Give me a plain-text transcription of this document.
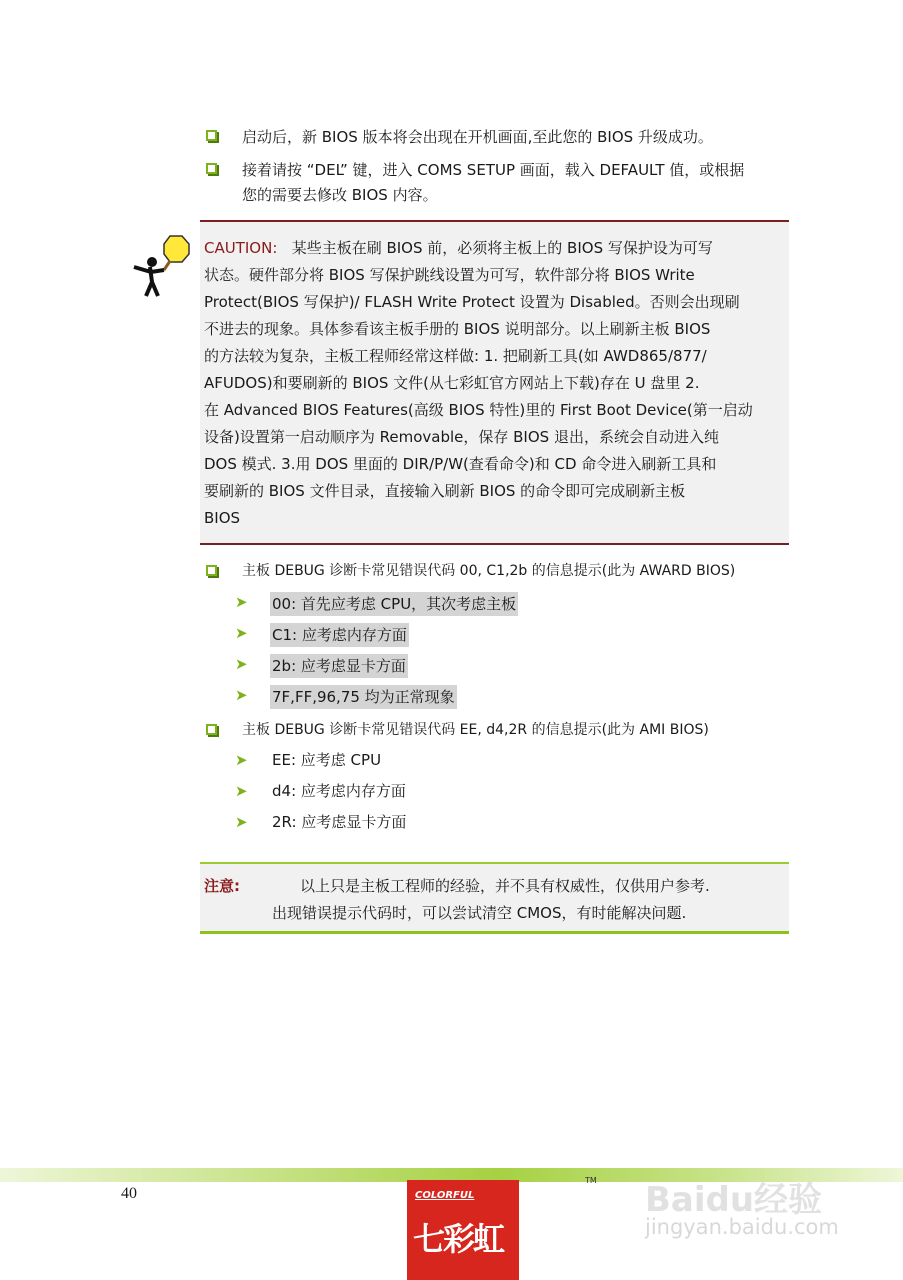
启动后，新 BIOS 版本将会出现在开机画面,至此您的 BIOS 升级成功。
接着请按 “DEL” 键，进入 COMS SETUP 画面，载入 DEFAULT 值，或根据
您的需要去修改 BIOS 内容。
CAUTION: 某些主板在刷 BIOS 前，必须将主板上的 BIOS 写保护设为可写
状态。硬件部分将 BIOS 写保护跳线设置为可写，软件部分将 BIOS Write
Protect(BIOS 写保护)/ FLASH Write Protect 设置为 Disabled。否则会出现刷
不进去的现象。具体参看该主板手册的 BIOS 说明部分。以上刷新主板 BIOS
的方法较为复杂，主板工程师经常这样做: 1. 把刷新工具(如 AWD865/877/
AFUDOS)和要刷新的 BIOS 文件(从七彩虹官方网站上下载)存在 U 盘里 2.
在 Advanced BIOS Features(高级 BIOS 特性)里的 First Boot Device(第一启动
设备)设置第一启动顺序为 Removable，保存 BIOS 退出，系统会自动进入纯
DOS 模式. 3.用 DOS 里面的 DIR/P/W(查看命令)和 CD 命令进入刷新工具和
要刷新的 BIOS 文件目录，直接输入刷新 BIOS 的命令即可完成刷新主板
BIOS
主板 DEBUG 诊断卡常见错误代码 00, C1,2b 的信息提示(此为 AWARD BIOS)
➤ 00: 首先应考虑 CPU，其次考虑主板
➤ C1: 应考虑内存方面
➤ 2b: 应考虑显卡方面
➤ 7F,FF,96,75 均为正常现象
主板 DEBUG 诊断卡常见错误代码 EE, d4,2R 的信息提示(此为 AMI BIOS)
➤ EE: 应考虑 CPU
➤ d4: 应考虑内存方面
➤ 2R: 应考虑显卡方面
注意:	以上只是主板工程师的经验，并不具有权威性，仅供用户参考.
出现错误提示代码时，可以尝试清空 CMOS，有时能解决问题.
40	COLORFUL
七彩虹
TM Baidu经验
jingyan.baidu.com
